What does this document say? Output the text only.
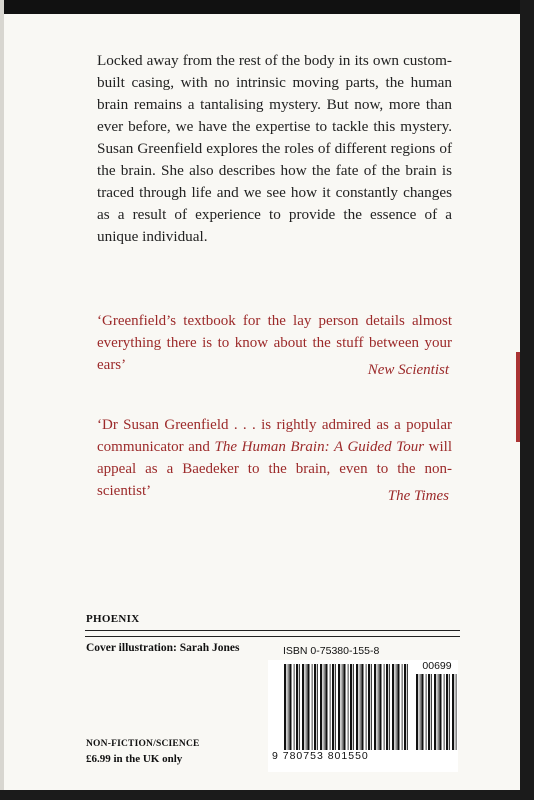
Locked away from the rest of the body in its own custom-built casing, with no intrinsic moving parts, the human brain remains a tantalising mystery. But now, more than ever before, we have the expertise to tackle this mystery. Susan Greenfield explores the roles of different regions of the brain. She also describes how the fate of the brain is traced through life and we see how it constantly changes as a result of experience to provide the essence of a unique individual.

‘Greenfield’s textbook for the lay person details almost everything there is to know about the stuff between your ears’	New Scientist

‘Dr Susan Greenfield . . . is rightly admired as a popular communicator and The Human Brain: A Guided Tour will appeal as a Baedeker to the brain, even to the non-scientist’	The Times
PHOENIX
Cover illustration: Sarah Jones	ISBN 0-75380-155-8
00699
9 780753 801550
NON-FICTION/SCIENCE
£6.99 in the UK only
